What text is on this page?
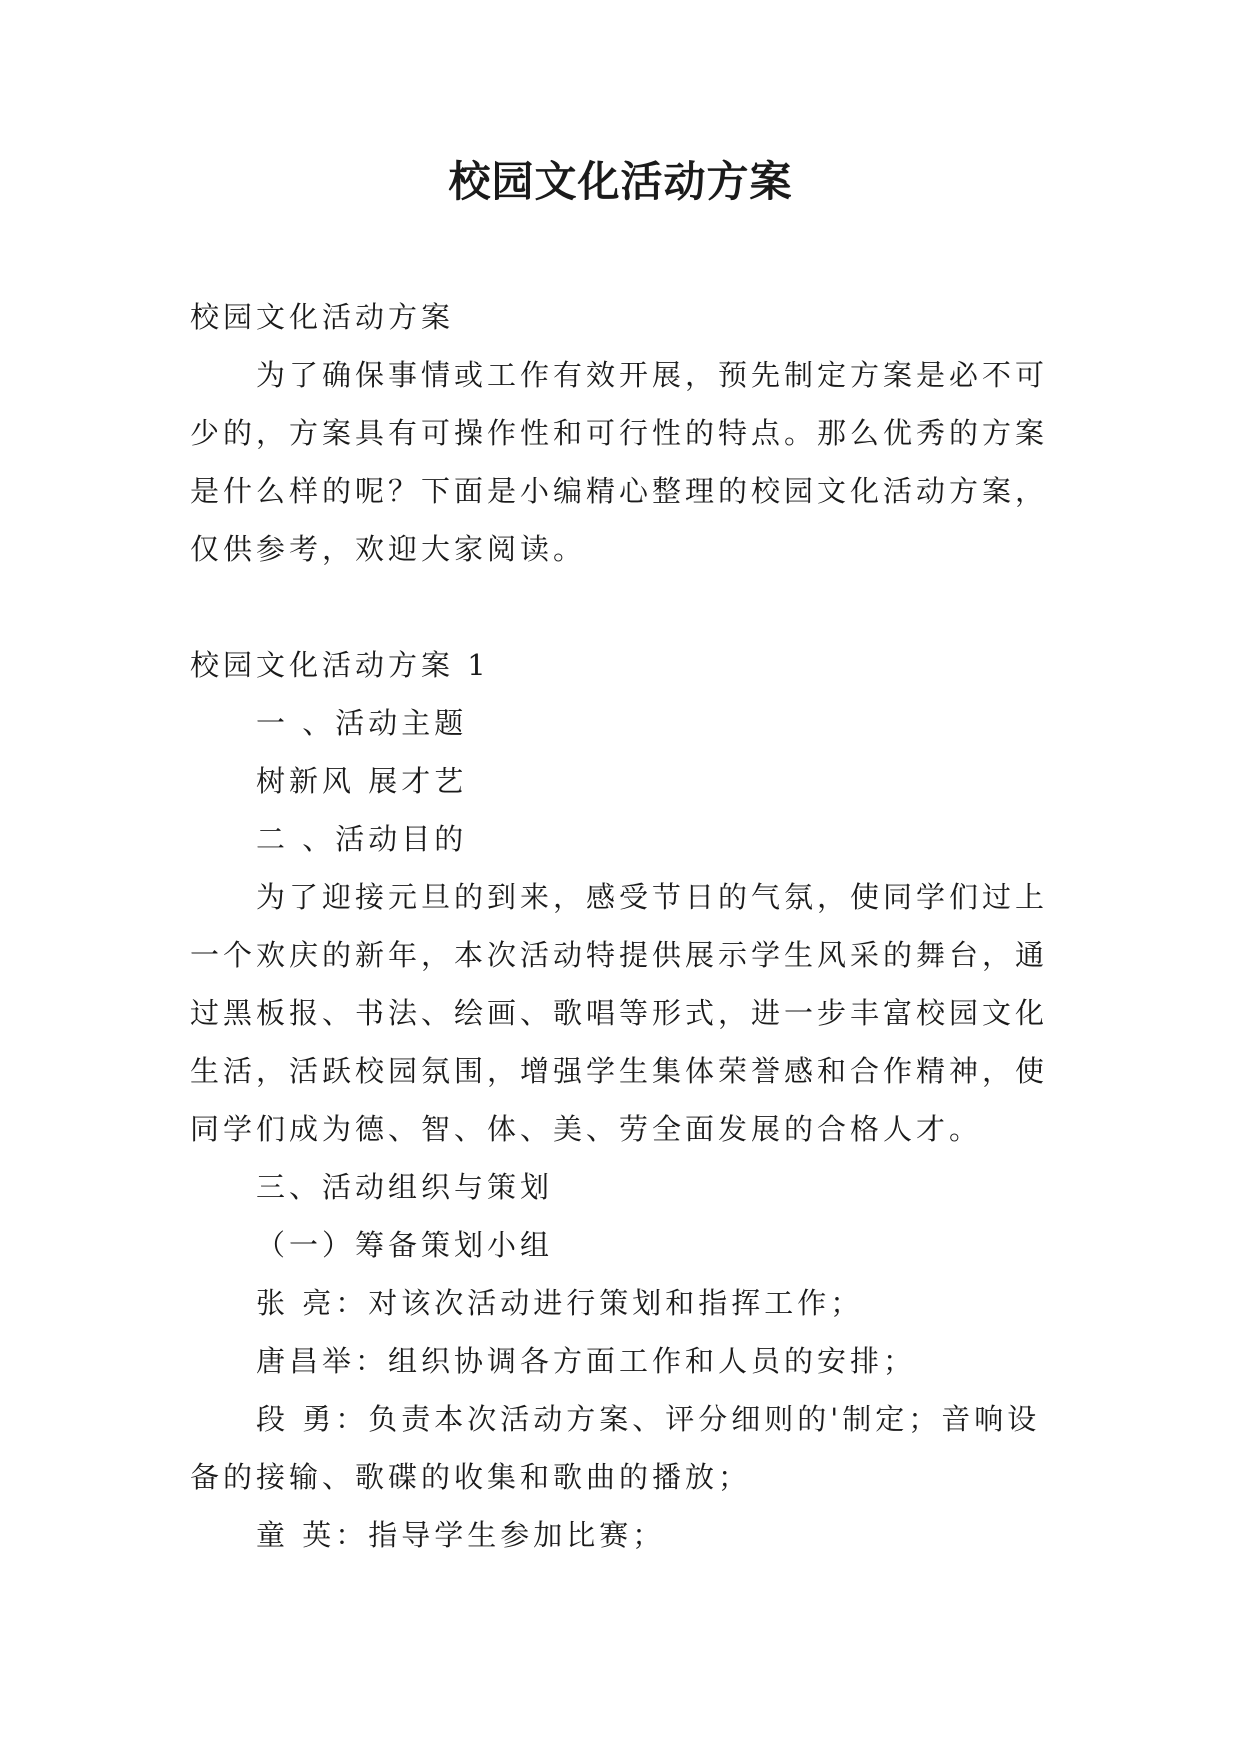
校园文化活动方案

校园文化活动方案

为了确保事情或工作有效开展，预先制定方案是必不可少的，方案具有可操作性和可行性的特点。那么优秀的方案是什么样的呢？下面是小编精心整理的校园文化活动方案，仅供参考，欢迎大家阅读。

校园文化活动方案 1

一 、活动主题

树新风 展才艺

二 、活动目的

为了迎接元旦的到来，感受节日的气氛，使同学们过上一个欢庆的新年，本次活动特提供展示学生风采的舞台，通过黑板报、书法、绘画、歌唱等形式，进一步丰富校园文化生活，活跃校园氛围，增强学生集体荣誉感和合作精神，使同学们成为德、智、体、美、劳全面发展的合格人才。

三、活动组织与策划

（一）筹备策划小组

张 亮：对该次活动进行策划和指挥工作；

唐昌举：组织协调各方面工作和人员的安排；

段 勇：负责本次活动方案、评分细则的'制定；音响设备的接输、歌碟的收集和歌曲的播放；

童 英：指导学生参加比赛；
